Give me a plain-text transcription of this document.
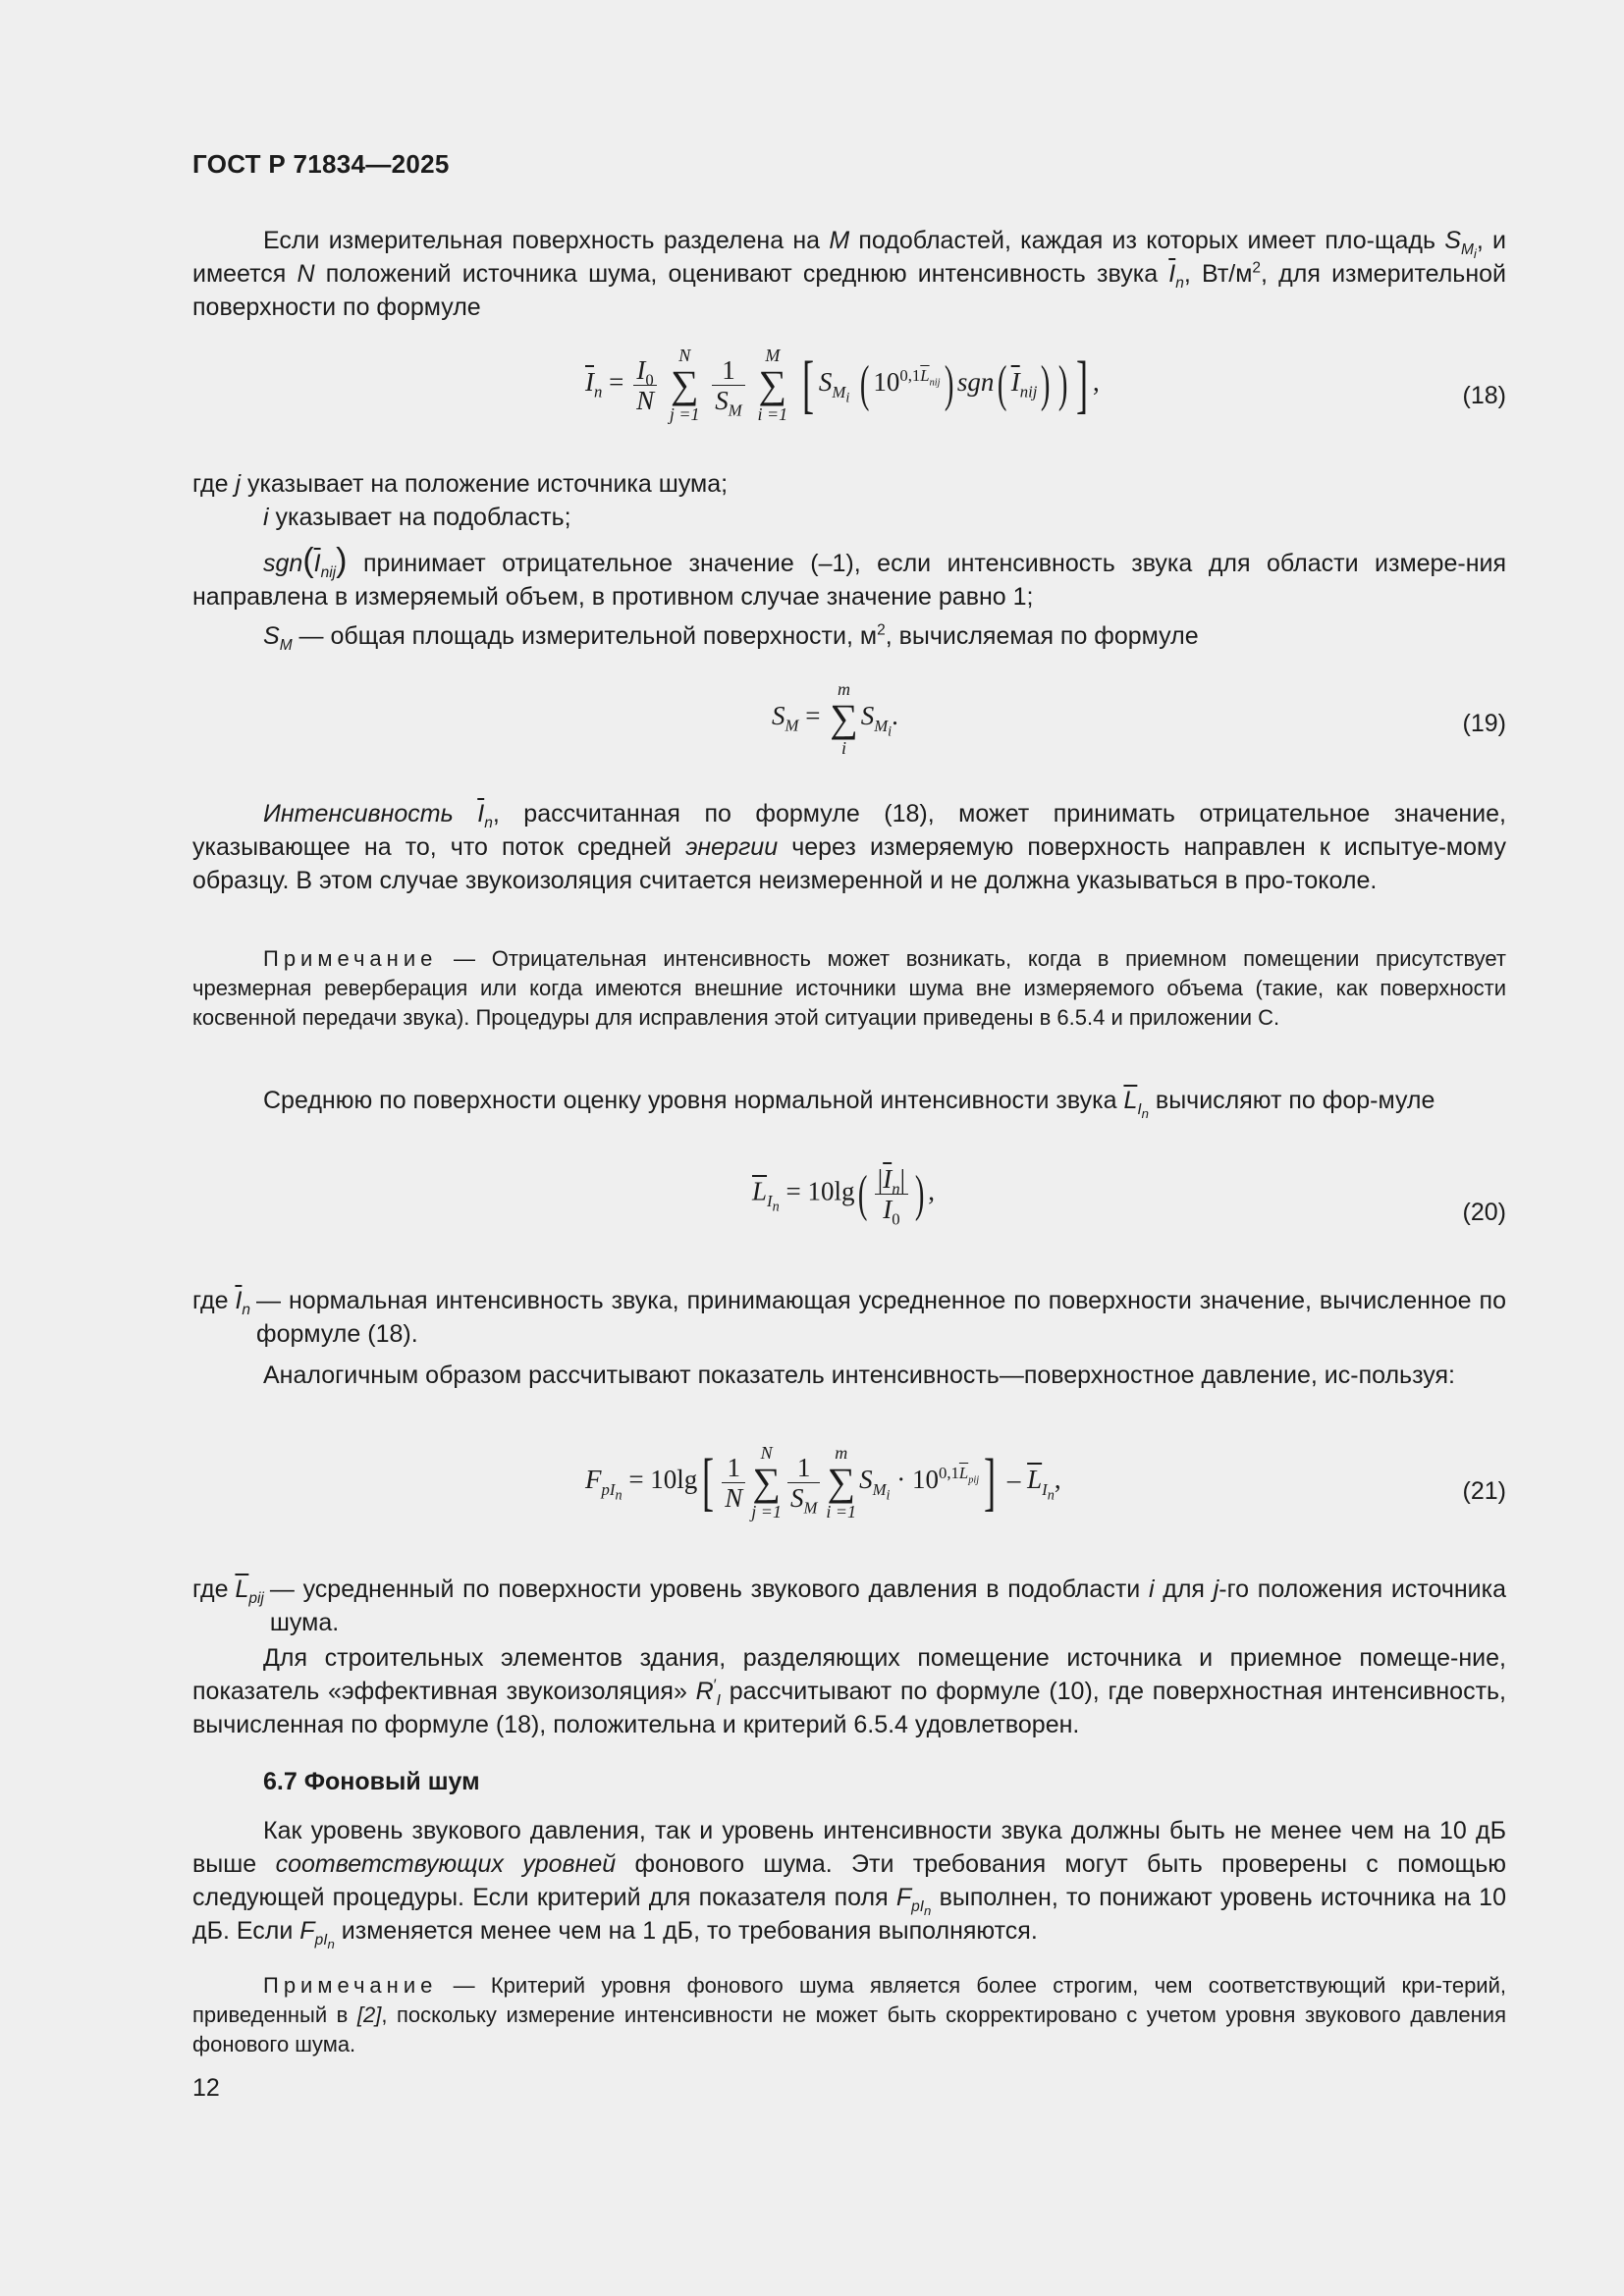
ГОСТ Р 71834—2025

Если измерительная поверхность разделена на M подобластей, каждая из которых имеет пло-щадь $S_{M_i}$, и имеется N положений источника шума, оценивают среднюю интенсивность звука $\overline{I}_n$, $Вт/м^2$, для измерительной поверхности по формуле

$\overline{I}_n = \frac{I_0}{N}$
	N
∑
j =1
$\frac{1}{S_M}$
	M
∑
i =1 [ $S_{M_i}$ ( $10^{0,1\overline{L}_{nij}}$) sgn( $\overline{I}_{nij}$) ) ] ,	(18)

где j указывает на положение источника шума;

i указывает на подобласть;

$sgn(\overline{I}_{nij})$ принимает отрицательное значение (–1), если интенсивность звука для области измере-ния направлена в измеряемый объем, в противном случае значение равно 1;

$S_M$ — общая площадь измерительной поверхности, $м^2$, вычисляемая по формуле

$S_M$ =
m
∑
i
$S_{M_i}$.	(19)

Интенсивность $\overline{I}_n$, рассчитанная по формуле (18), может принимать отрицательное значение, указывающее на то, что поток средней энергии через измеряемую поверхность направлен к испытуе-мому образцу. В этом случае звукоизоляция считается неизмеренной и не должна указываться в про-токоле.

Примечание — Отрицательная интенсивность может возникать, когда в приемном помещении присутствует чрезмерная реверберация или когда имеются внешние источники шума вне измеряемого объема (такие, как поверхности косвенной передачи звука). Процедуры для исправления этой ситуации приведены в 6.5.4 и приложении С.

Среднюю по поверхности оценку уровня нормальной интенсивности звука $\overline{L}_{I_n}$ вычисляют по фор-муле

$\overline{L}_{I_n} = 10\lg( \frac{|\overline{I}_n|}{I_0}$ ) ,
(20)
где $\overline{I}_n$ — нормальная интенсивность звука, принимающая усредненное по поверхности значение, вычисленное по формуле (18).

Аналогичным образом рассчитывают показатель интенсивность—поверхностное давление, ис-пользуя:

$F_{pI_n} = 10\lg[ \frac{1}{N}$ N
∑
$j =1 \frac{1}{S_M}$ m
∑
i =1
$S_{M_i} \cdot 10^{0,1\overline{L}_{pij}}] - \overline{L}_{I_n}$,	(21)
где $\overline{L}_{pij}$ — усредненный по поверхности уровень звукового давления в подобласти i для j-го положения источника шума.

Для строительных элементов здания, разделяющих помещение источника и приемное помеще-ние, показатель «эффективная звукоизоляция» $R'_I$ рассчитывают по формуле (10), где поверхностная интенсивность, вычисленная по формуле (18), положительна и критерий 6.5.4 удовлетворен.

6.7 Фоновый шум

Как уровень звукового давления, так и уровень интенсивности звука должны быть не менее чем на 10 дБ выше соответствующих уровней фонового шума. Эти требования могут быть проверены с помощью следующей процедуры. Если критерий для показателя поля $F_{pI_n}$ выполнен, то понижают уровень источника на 10 дБ. Если $F_{pI_n}$ изменяется менее чем на 1 дБ, то требования выполняются.

Примечание — Критерий уровня фонового шума является более строгим, чем соответствующий кри-терий, приведенный в [2], поскольку измерение интенсивности не может быть скорректировано с учетом уровня звукового давления фонового шума.

12
